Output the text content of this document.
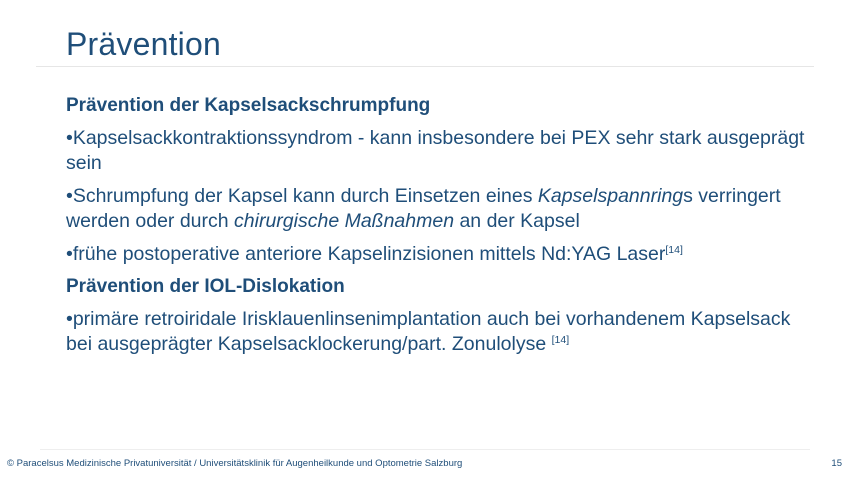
Prävention
Prävention der Kapselsackschrumpfung
•Kapselsackkontraktionssyndrom - kann insbesondere bei PEX sehr stark ausgeprägt sein
•Schrumpfung der Kapsel kann durch Einsetzen eines Kapselspannrings verringert werden oder durch chirurgische Maßnahmen an der Kapsel
•frühe postoperative anteriore Kapselinzisionen mittels Nd:YAG Laser[14]
Prävention der IOL-Dislokation
•primäre retroiridale Irisklauenlinsenimplantation auch bei vorhandenem Kapselsack bei ausgeprägter Kapselsacklockerung/part. Zonulolyse [14]
© Paracelsus Medizinische Privatuniversität / Universitätsklinik für Augenheilkunde und Optometrie Salzburg	15
